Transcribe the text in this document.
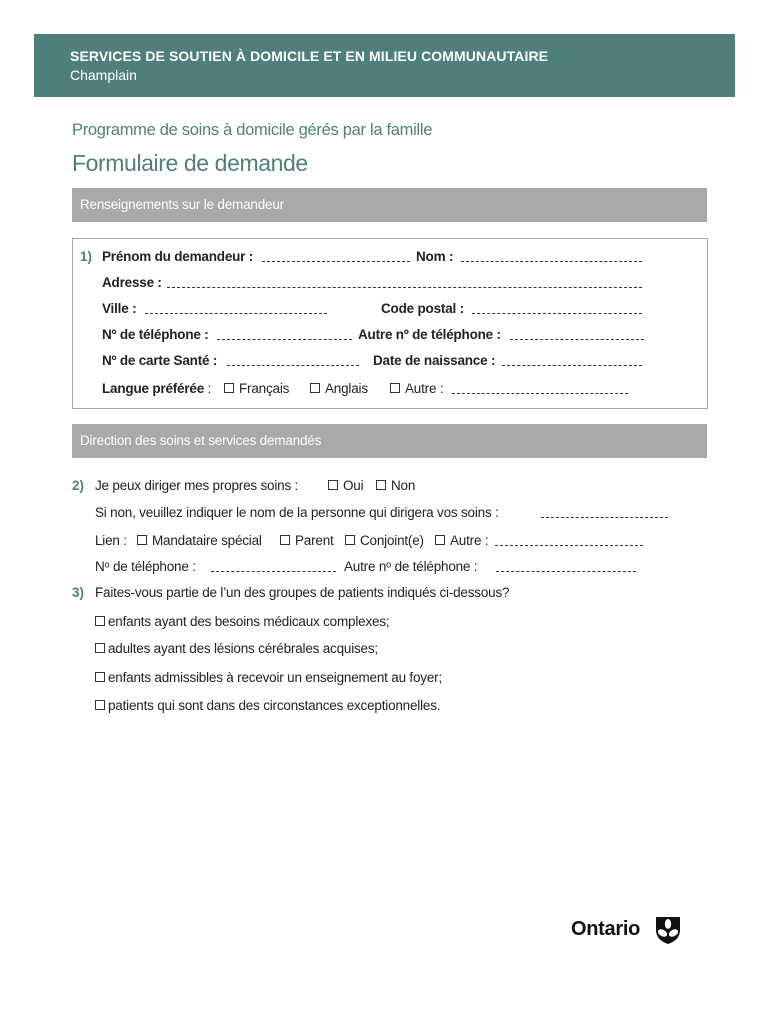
SERVICES DE SOUTIEN À DOMICILE ET EN MILIEU COMMUNAUTAIRE
Champlain
Programme de soins à domicile gérés par la famille
Formulaire de demande
Renseignements sur le demandeur
1) Prénom du demandeur :	Nom :
Adresse :
Ville :	Code postal :
Nº de téléphone :	Autre nº de téléphone :
Nº de carte Santé :	Date de naissance :
Langue préférée :	Français	Anglais	Autre :
Direction des soins et services demandés
2) Je peux diriger mes propres soins :	Oui	Non
Si non, veuillez indiquer le nom de la personne qui dirigera vos soins :
Lien :	Mandataire spécial	Parent	Conjoint(e)	Autre :
Nᵒ de téléphone :	Autre nᵒ de téléphone :
3) Faites-vous partie de l’un des groupes de patients indiqués ci-dessous?
enfants ayant des besoins médicaux complexes;
adultes ayant des lésions cérébrales acquises;
enfants admissibles à recevoir un enseignement au foyer;
patients qui sont dans des circonstances exceptionnelles.
Ontario
